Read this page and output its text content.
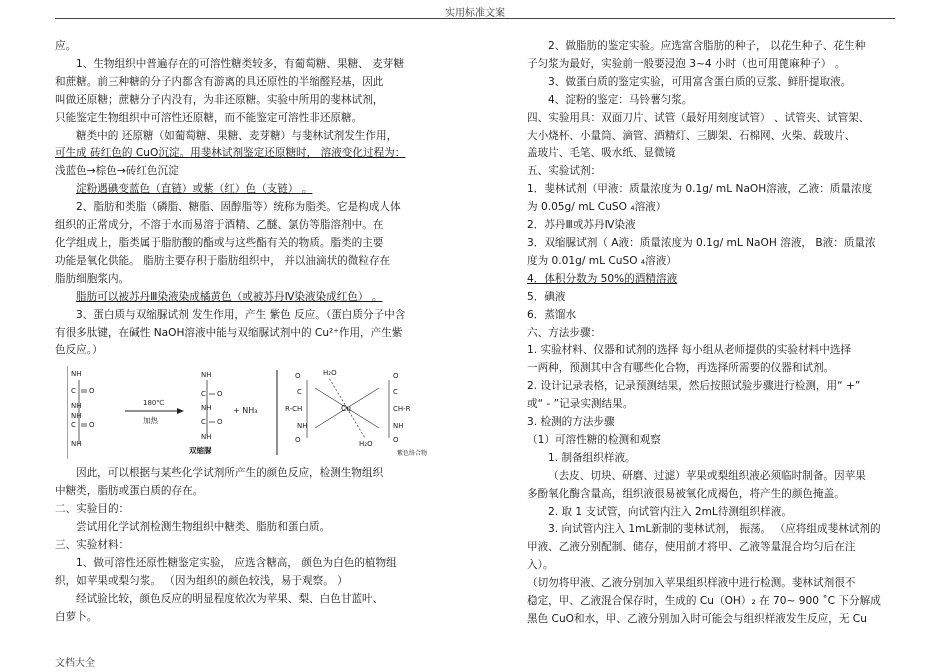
实用标准文案

应。

1、生物组织中普遍存在的可溶性糖类较多，有葡萄糖、果糖、 麦芽糖

和蔗糖。前三种糖的分子内都含有游离的具还原性的半缩醛羟基，因此

叫做还原糖；蔗糖分子内没有，为非还原糖。实验中所用的斐林试剂，

只能鉴定生物组织中可溶性还原糖，而不能鉴定可溶性非还原糖。

糖类中的 还原糖（如葡萄糖、果糖、麦芽糖）与斐林试剂发生作用，

可生成 砖红色的 CuO沉淀。用斐林试剂鉴定还原糖时， 溶液变化过程为：

浅蓝色→棕色→砖红色沉淀

淀粉遇碘变蓝色（直链）或紫（红）色（支链） 。

2、脂肪和类脂（磷脂、糖脂、固醇脂等）统称为脂类。它是构成人体

组织的正常成分，不溶于水而易溶于酒精、乙醚、氯仿等脂溶剂中。在

化学组成上，脂类属于脂肪酸的酯或与这些酯有关的物质。脂类的主要

功能是氧化供能。 脂肪主要存积于脂肪组织中， 并以油滴状的微粒存在

脂肪细胞浆内。

脂肪可以被苏丹Ⅲ染液染成橘黄色（或被苏丹Ⅳ染液染成红色） 。

3、蛋白质与双缩脲试剂 发生作用，产生 紫色 反应。（蛋白质分子中含

有很多肽键，在碱性 NaOH溶液中能与双缩脲试剂中的 Cu²⁺作用，产生紫

色反应。）

NH
C O
NH
NH
C O
NH
180℃
加热
NH
C O
NH
C O
NH
双缩脲
+ NH₃	Cu
H₂O
H₂O
O
C
R-CH
NH
O
O
C
CH-R
NH
O
紫色络合物

因此，可以根据与某些化学试剂所产生的颜色反应，检测生物组织

中糖类，脂肪或蛋白质的存在。

二、实验目的：

尝试用化学试剂检测生物组织中糖类、脂肪和蛋白质。

三、实验材料：

1、做可溶性还原性糖鉴定实验， 应选含糖高， 颜色为白色的植物组

织，如苹果或梨匀浆。 （因为组织的颜色较浅，易于观察。 ）

经试验比较，颜色反应的明显程度依次为苹果、梨、白色甘蓝叶、

白萝卜。

2、做脂肪的鉴定实验。应选富含脂肪的种子， 以花生种子、花生种

子匀浆为最好，实验前一般要浸泡 3~4 小时（也可用蓖麻种子） 。

3、做蛋白质的鉴定实验，可用富含蛋白质的豆浆、鲜肝提取液。

4、淀粉的鉴定：马铃薯匀浆。

四、实验用具：双面刀片、试管（最好用刻度试管） 、试管夹、试管架、

大小烧杯、小量筒、滴管、酒精灯、三脚架、石棉网、火柴、载玻片、

盖玻片、毛笔、吸水纸、显微镜

五、实验试剂：

1．斐林试剂（甲液：质量浓度为 0.1g/ mL NaOH溶液，乙液：质量浓度

为 0.05g/ mL CuSO ₄溶液）

2．苏丹Ⅲ或苏丹Ⅳ染液

3．双缩脲试剂（ A液：质量浓度为 0.1g/ mL NaOH 溶液， B液：质量浓

度为 0.01g/ mL CuSO ₄溶液）

4．体积分数为 50%的酒精溶液

5．碘液

6．蒸馏水

六、方法步骤：

1. 实验材料、仪器和试剂的选择 每小组从老师提供的实验材料中选择

一两种，预测其中含有哪些化合物，再选择所需要的仪器和试剂。

2. 设计记录表格，记录预测结果，然后按照试验步骤进行检测，用“ +”

或“ - ”记录实测结果。

3. 检测的方法步骤

（1）可溶性糖的检测和观察

1. 制备组织样液。

（去皮、切块、研磨、过滤）苹果或梨组织液必须临时制备。因苹果

多酚氧化酶含量高，组织液很易被氧化成褐色，将产生的颜色掩盖。

2. 取 1 支试管，向试管内注入 2mL待测组织样液。

3. 向试管内注入 1mL新制的斐林试剂， 振荡。 （应将组成斐林试剂的

甲液、乙液分别配制、储存，使用前才将甲、乙液等量混合均匀后在注

入）。

（切勿将甲液、乙液分别加入苹果组织样液中进行检测。斐林试剂很不

稳定，甲、乙液混合保存时，生成的 Cu（OH）₂ 在 70~ 900 ˚C 下分解成

黑色 CuO和水，甲、乙液分别加入时可能会与组织样液发生反应，无 Cu

文档大全
